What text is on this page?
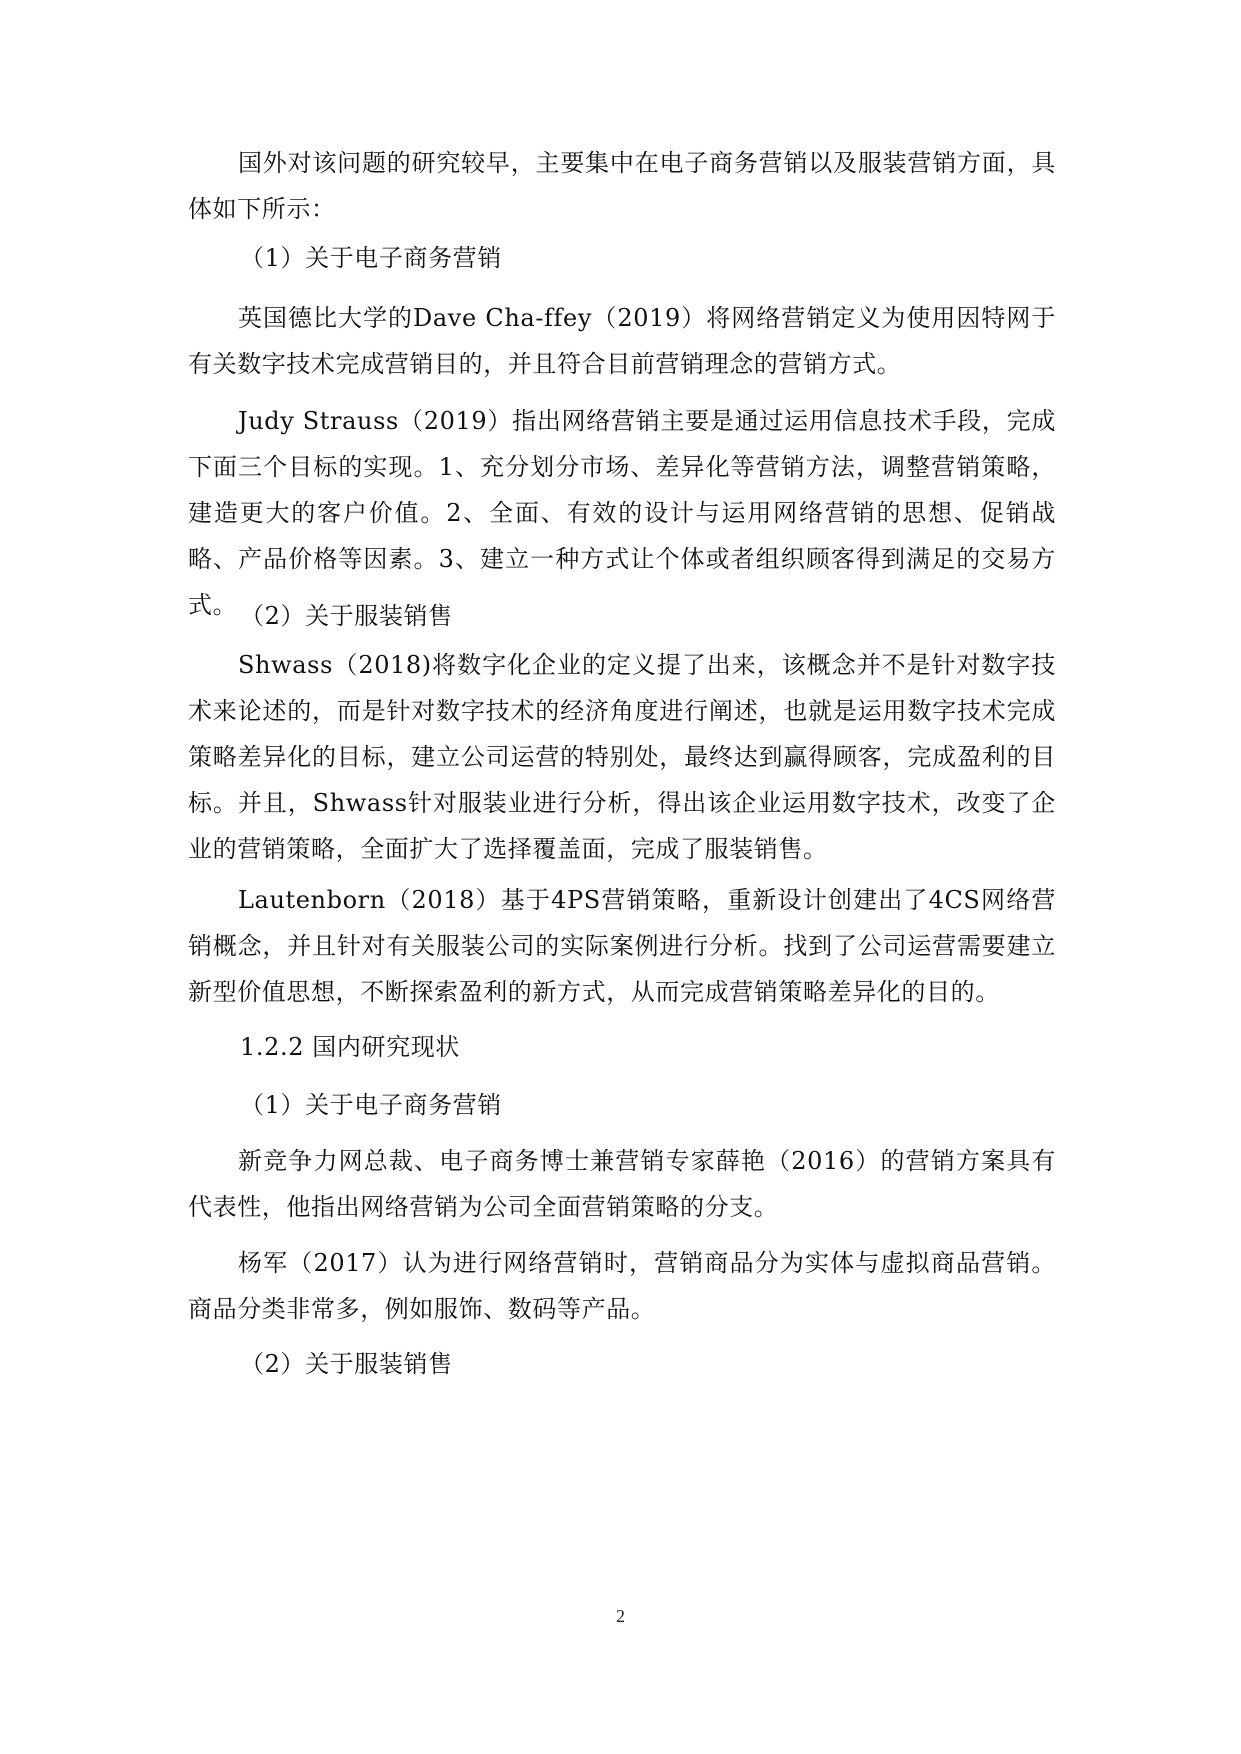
国外对该问题的研究较早，主要集中在电子商务营销以及服装营销方面，具体如下所示：

（1）关于电子商务营销

英国德比大学的Dave Cha-ffey（2019）将网络营销定义为使用因特网于有关数字技术完成营销目的，并且符合目前营销理念的营销方式。

Judy Strauss（2019）指出网络营销主要是通过运用信息技术手段，完成下面三个目标的实现。1、充分划分市场、差异化等营销方法，调整营销策略，建造更大的客户价值。2、全面、有效的设计与运用网络营销的思想、促销战略、产品价格等因素。3、建立一种方式让个体或者组织顾客得到满足的交易方式。 （2）关于服装销售

Shwass（2018)将数字化企业的定义提了出来，该概念并不是针对数字技术来论述的，而是针对数字技术的经济角度进行阐述，也就是运用数字技术完成策略差异化的目标，建立公司运营的特别处，最终达到赢得顾客，完成盈利的目标。并且，Shwass针对服装业进行分析，得出该企业运用数字技术，改变了企业的营销策略，全面扩大了选择覆盖面，完成了服装销售。

Lautenborn（2018）基于4PS营销策略，重新设计创建出了4CS网络营销概念，并且针对有关服装公司的实际案例进行分析。找到了公司运营需要建立新型价值思想，不断探索盈利的新方式，从而完成营销策略差异化的目的。

1.2.2 国内研究现状

（1）关于电子商务营销

新竞争力网总裁、电子商务博士兼营销专家薛艳（2016）的营销方案具有代表性，他指出网络营销为公司全面营销策略的分支。

杨军（2017）认为进行网络营销时，营销商品分为实体与虚拟商品营销。商品分类非常多，例如服饰、数码等产品。

（2）关于服装销售

2
